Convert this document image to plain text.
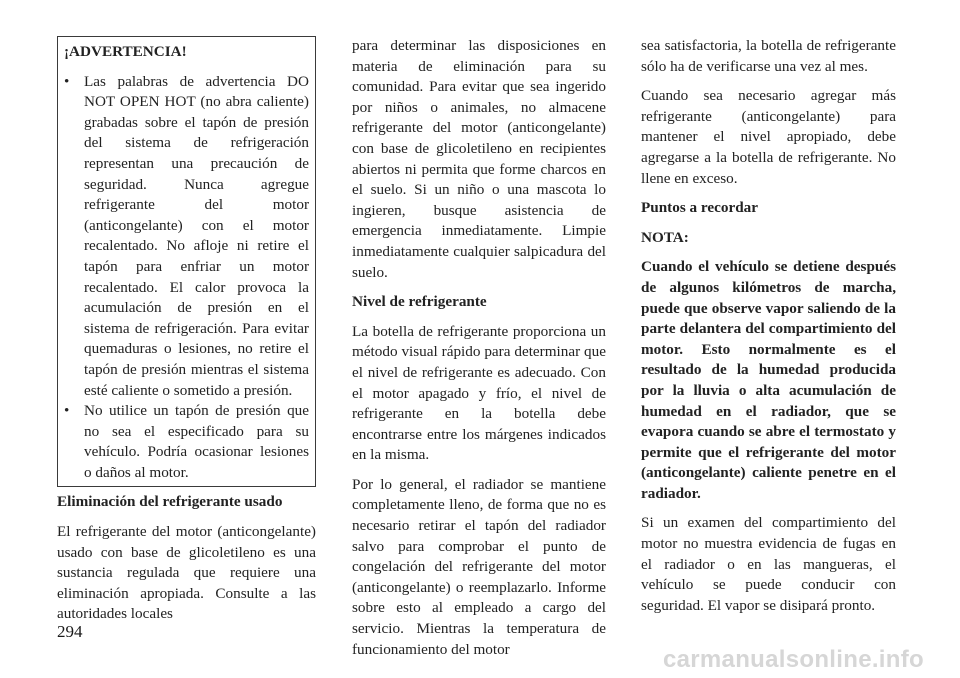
¡ADVERTENCIA!

• Las palabras de advertencia DO NOT OPEN HOT (no abra caliente) grabadas sobre el tapón de presión del sistema de refrigeración representan una precaución de seguridad. Nunca agregue refrigerante del motor (anticongelante) con el motor recalentado. No afloje ni retire el tapón para enfriar un motor recalentado. El calor provoca la acumulación de presión en el sistema de refrigeración. Para evitar quemaduras o lesiones, no retire el tapón de presión mientras el sistema esté caliente o sometido a presión.
• No utilice un tapón de presión que no sea el especificado para su vehículo. Podría ocasionar lesiones o daños al motor.

Eliminación del refrigerante usado

El refrigerante del motor (anticongelante) usado con base de glicoletileno es una sustancia regulada que requiere una eliminación apropiada. Consulte a las autoridades locales

para determinar las disposiciones en materia de eliminación para su comunidad. Para evitar que sea ingerido por niños o animales, no almacene refrigerante del motor (anticongelante) con base de glicoletileno en recipientes abiertos ni permita que forme charcos en el suelo. Si un niño o una mascota lo ingieren, busque asistencia de emergencia inmediatamente. Limpie inmediatamente cualquier salpicadura del suelo.

Nivel de refrigerante

La botella de refrigerante proporciona un método visual rápido para determinar que el nivel de refrigerante es adecuado. Con el motor apagado y frío, el nivel de refrigerante en la botella debe encontrarse entre los márgenes indicados en la misma.

Por lo general, el radiador se mantiene completamente lleno, de forma que no es necesario retirar el tapón del radiador salvo para comprobar el punto de congelación del refrigerante del motor (anticongelante) o reemplazarlo. Informe sobre esto al empleado a cargo del servicio. Mientras la temperatura de funcionamiento del motor

sea satisfactoria, la botella de refrigerante sólo ha de verificarse una vez al mes.

Cuando sea necesario agregar más refrigerante (anticongelante) para mantener el nivel apropiado, debe agregarse a la botella de refrigerante. No llene en exceso.

Puntos a recordar

NOTA:

Cuando el vehículo se detiene después de algunos kilómetros de marcha, puede que observe vapor saliendo de la parte delantera del compartimiento del motor. Esto normalmente es el resultado de la humedad producida por la lluvia o alta acumulación de humedad en el radiador, que se evapora cuando se abre el termostato y permite que el refrigerante del motor (anticongelante) caliente penetre en el radiador.

Si un examen del compartimiento del motor no muestra evidencia de fugas en el radiador o en las mangueras, el vehículo se puede conducir con seguridad. El vapor se disipará pronto.

294
carmanualsonline.info
